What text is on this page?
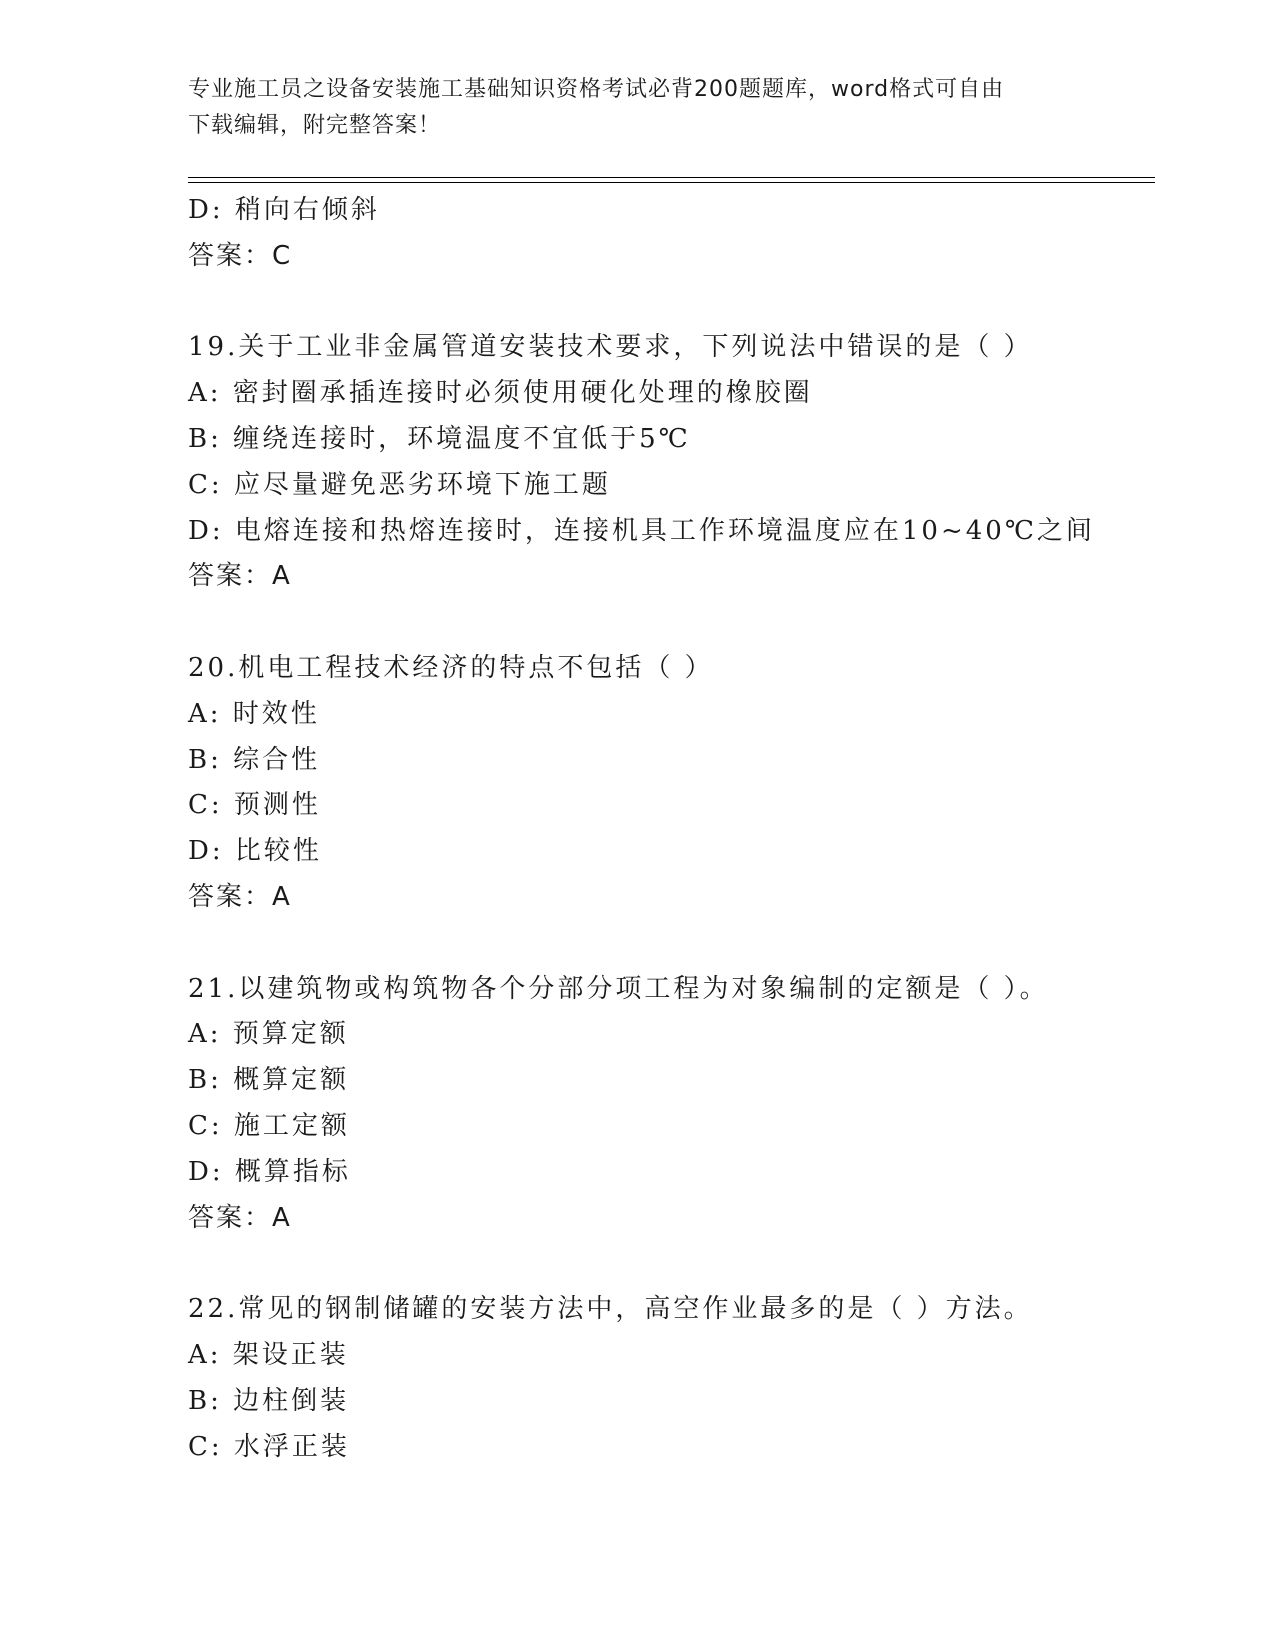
专业施工员之设备安装施工基础知识资格考试必背200题题库，word格式可自由
下载编辑，附完整答案！
D: 稍向右倾斜
答案：C
19.关于工业非金属管道安装技术要求，下列说法中错误的是（ ）
A: 密封圈承插连接时必须使用硬化处理的橡胶圈
B: 缠绕连接时，环境温度不宜低于5℃
C: 应尽量避免恶劣环境下施工题
D: 电熔连接和热熔连接时，连接机具工作环境温度应在10~40℃之间
答案：A
20.机电工程技术经济的特点不包括（ ）
A: 时效性
B: 综合性
C: 预测性
D: 比较性
答案：A
21.以建筑物或构筑物各个分部分项工程为对象编制的定额是（ ）。
A: 预算定额
B: 概算定额
C: 施工定额
D: 概算指标
答案：A
22.常见的钢制储罐的安装方法中，高空作业最多的是（ ）方法。
A: 架设正装
B: 边柱倒装
C: 水浮正装
